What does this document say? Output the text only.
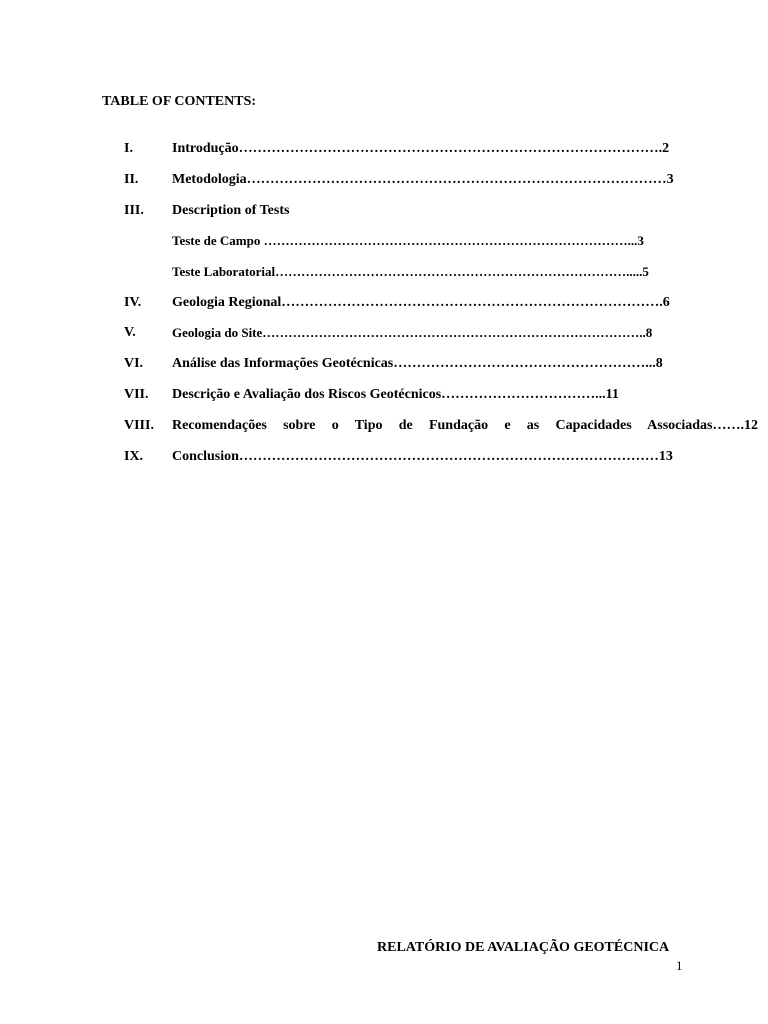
TABLE OF CONTENTS:
I.	Introdução……………………………………………………………………………….2
II. Metodologia………………………………………………………………………………3
III. Description of Tests
Teste de Campo …………………………………………………………………………...3
Teste Laboratorial……………………………………………………………………….....5
IV. Geologia Regional……………………………………………………………………….6
V.	Geologia do Site……………………………………………………………………………..8
VI. Análise das Informações Geotécnicas………………………………………………...8
VII. Descrição e Avaliação dos Riscos Geotécnicos……………………………...11
VIII. Recomendações sobre o Tipo de Fundação e as Capacidades Associadas…….12
IX. Conclusion………………………………………………………………………………13
RELATÓRIO DE AVALIAÇÃO GEOTÉCNICA
1
